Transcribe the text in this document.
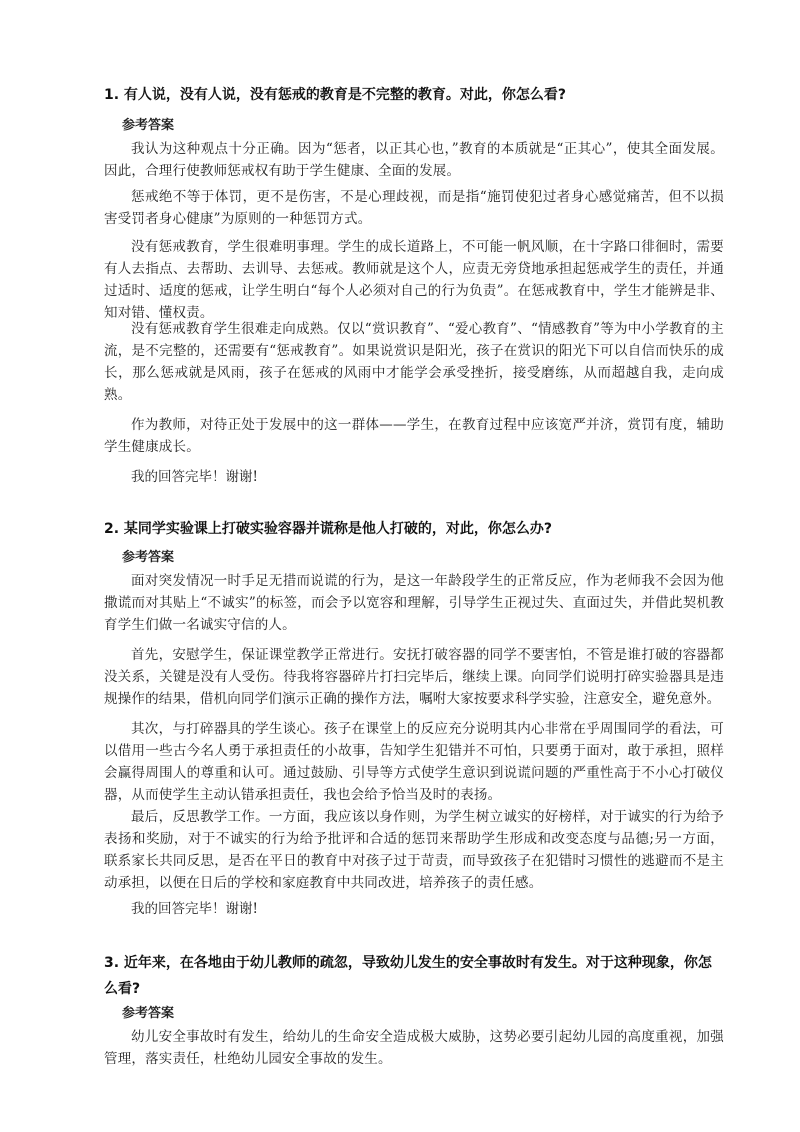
1. 有人说，没有人说，没有惩戒的教育是不完整的教育。对此，你怎么看?
参考答案
我认为这种观点十分正确。因为“惩者，以正其心也，”教育的本质就是“正其心”，使其全面发展。因此，合理行使教师惩戒权有助于学生健康、全面的发展。
惩戒绝不等于体罚，更不是伤害，不是心理歧视，而是指“施罚使犯过者身心感觉痛苦，但不以损害受罚者身心健康”为原则的一种惩罚方式。
没有惩戒教育，学生很难明事理。学生的成长道路上，不可能一帆风顺，在十字路口徘徊时，需要有人去指点、去帮助、去训导、去惩戒。教师就是这个人，应责无旁贷地承担起惩戒学生的责任，并通过适时、适度的惩戒，让学生明白“每个人必须对自己的行为负责”。在惩戒教育中，学生才能辨是非、知对错、懂权责。
没有惩戒教育学生很难走向成熟。仅以“赏识教育”、“爱心教育”、“情感教育”等为中小学教育的主流，是不完整的，还需要有“惩戒教育”。如果说赏识是阳光，孩子在赏识的阳光下可以自信而快乐的成长，那么惩戒就是风雨，孩子在惩戒的风雨中才能学会承受挫折，接受磨练，从而超越自我，走向成熟。
作为教师，对待正处于发展中的这一群体——学生，在教育过程中应该宽严并济，赏罚有度，辅助学生健康成长。
我的回答完毕！谢谢!
2. 某同学实验课上打破实验容器并谎称是他人打破的，对此，你怎么办?
参考答案
面对突发情况一时手足无措而说谎的行为，是这一年龄段学生的正常反应，作为老师我不会因为他撒谎而对其贴上“不诚实”的标签，而会予以宽容和理解，引导学生正视过失、直面过失，并借此契机教育学生们做一名诚实守信的人。
首先，安慰学生，保证课堂教学正常进行。安抚打破容器的同学不要害怕，不管是谁打破的容器都没关系，关键是没有人受伤。待我将容器碎片打扫完毕后，继续上课。向同学们说明打碎实验器具是违规操作的结果，借机向同学们演示正确的操作方法，嘱咐大家按要求科学实验，注意安全，避免意外。
其次，与打碎器具的学生谈心。孩子在课堂上的反应充分说明其内心非常在乎周围同学的看法，可以借用一些古今名人勇于承担责任的小故事，告知学生犯错并不可怕，只要勇于面对，敢于承担，照样会赢得周围人的尊重和认可。通过鼓励、引导等方式使学生意识到说谎问题的严重性高于不小心打破仪器，从而使学生主动认错承担责任，我也会给予恰当及时的表扬。
最后，反思教学工作。一方面，我应该以身作则，为学生树立诚实的好榜样，对于诚实的行为给予表扬和奖励，对于不诚实的行为给予批评和合适的惩罚来帮助学生形成和改变态度与品德;另一方面，联系家长共同反思，是否在平日的教育中对孩子过于苛责，而导致孩子在犯错时习惯性的逃避而不是主动承担，以便在日后的学校和家庭教育中共同改进，培养孩子的责任感。
我的回答完毕！谢谢!
3. 近年来，在各地由于幼儿教师的疏忽，导致幼儿发生的安全事故时有发生。对于这种现象，你怎么看?
参考答案
幼儿安全事故时有发生，给幼儿的生命安全造成极大威胁，这势必要引起幼儿园的高度重视，加强管理，落实责任，杜绝幼儿园安全事故的发生。
